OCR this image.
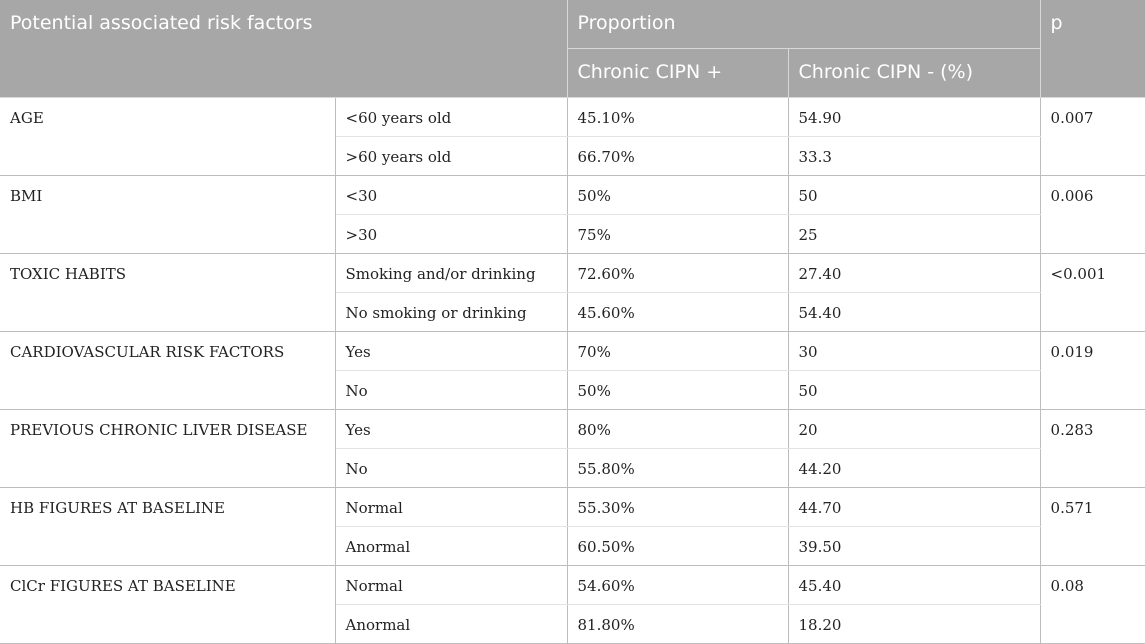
Potential associated risk factors		Proportion		p
		Chronic CIPN +	Chronic CIPN - (%)	
AGE	<60 years old	45.10%	54.90	0.007
	>60 years old	66.70%	33.3	
BMI	<30	50%	50	0.006
	>30	75%	25	
TOXIC HABITS	Smoking and/or drinking	72.60%	27.40	<0.001
	No smoking or drinking	45.60%	54.40	
CARDIOVASCULAR RISK FACTORS	Yes	70%	30	0.019
	No	50%	50	
PREVIOUS CHRONIC LIVER DISEASE	Yes	80%	20	0.283
	No	55.80%	44.20	
HB FIGURES AT BASELINE	Normal	55.30%	44.70	0.571
	Anormal	60.50%	39.50	
ClCr FIGURES AT BASELINE	Normal	54.60%	45.40	0.08
	Anormal	81.80%	18.20	
